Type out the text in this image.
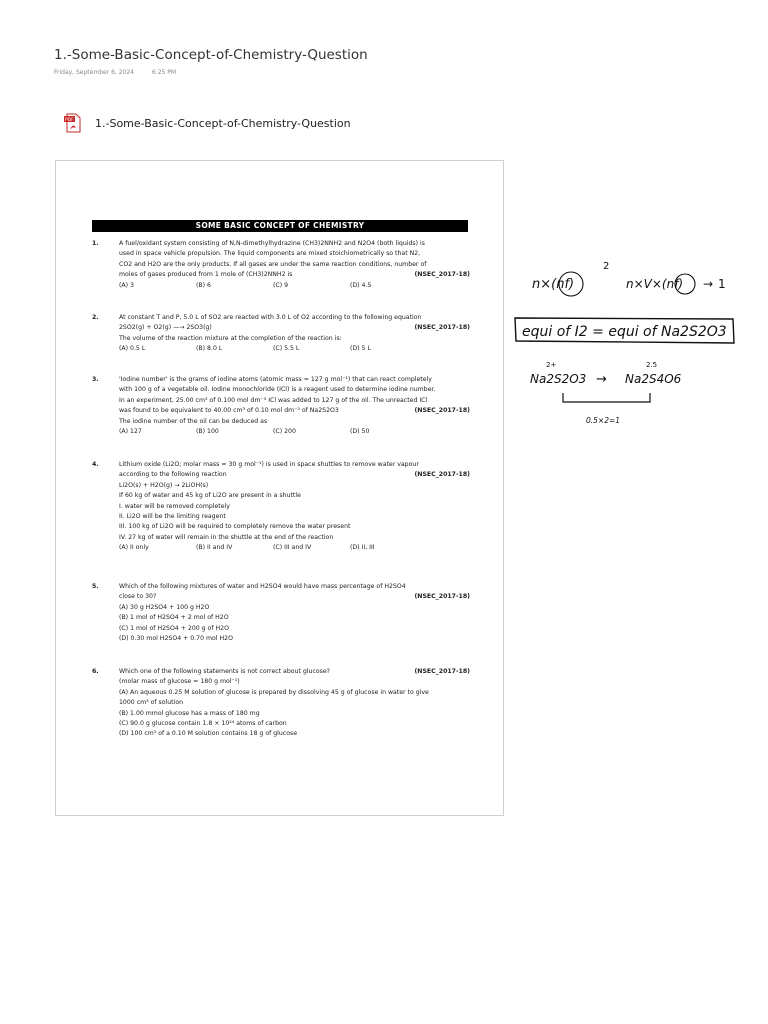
1.-Some-Basic-Concept-of-Chemistry-Question
Friday, September 6, 2024	6:25 PM
PDF 1.-Some-Basic-Concept-of-Chemistry-Question
SOME BASIC CONCEPT OF CHEMISTRY
1.	A fuel/oxidant system consisting of N,N-dimethylhydrazine (CH3)2NNH2 and N2O4 (both liquids) is
used in space vehicle propulsion. The liquid components are mixed stoichiometrically so that N2,
CO2 and H2O are the only products. If all gases are under the same reaction conditions, number of
moles of gases produced from 1 mole of (CH3)2NNH2 is	(NSEC_2017-18)
(A) 3	(B) 6	(C) 9	(D) 4.5
2.	At constant T and P, 5.0 L of SO2 are reacted with 3.0 L of O2 according to the following equation
2SO2(g) + O2(g) —→ 2SO3(g)	(NSEC_2017-18)
The volume of the reaction mixture at the completion of the reaction is:
(A) 0.5 L	(B) 8.0 L	(C) 5.5 L	(D) 5 L
3.	'Iodine number' is the grams of iodine atoms (atomic mass = 127 g mol⁻¹) that can react completely
with 100 g of a vegetable oil. Iodine monochloride (ICl) is a reagent used to determine iodine number.
In an experiment, 25.00 cm³ of 0.100 mol dm⁻³ ICl was added to 127 g of the oil. The unreacted ICl
was found to be equivalent to 40.00 cm³ of 0.10 mol dm⁻³ of Na2S2O3	(NSEC_2017-18)
The iodine number of the oil can be deduced as
(A) 127	(B) 100	(C) 200	(D) 50
4.	Lithium oxide (Li2O; molar mass = 30 g mol⁻¹) is used in space shuttles to remove water vapour
according to the following reaction	(NSEC_2017-18)
Li2O(s) + H2O(g) → 2LiOH(s)
If 60 kg of water and 45 kg of Li2O are present in a shuttle
I. water will be removed completely
II. Li2O will be the limiting reagent
III. 100 kg of Li2O will be required to completely remove the water present
IV. 27 kg of water will remain in the shuttle at the end of the reaction
(A) II only	(B) II and IV	(C) III and IV	(D) II, III
5.	Which of the following mixtures of water and H2SO4 would have mass percentage of H2SO4
close to 30?	(NSEC_2017-18)
(A) 30 g H2SO4 + 100 g H2O
(B) 1 mol of H2SO4 + 2 mol of H2O
(C) 1 mol of H2SO4 + 200 g of H2O
(D) 0.30 mol H2SO4 + 0.70 mol H2O
6.	Which one of the following statements is not correct about glucose?	(NSEC_2017-18)
(molar mass of glucose = 180 g mol⁻¹)
(A) An aqueous 0.25 M solution of glucose is prepared by dissolving 45 g of glucose in water to give
1000 cm³ of solution
(B) 1.00 mmol glucose has a mass of 180 mg
(C) 90.0 g glucose contain 1.8 × 10²⁴ atoms of carbon
(D) 100 cm³ of a 0.10 M solution contains 18 g of glucose
n×(nf)
2
n×V×(nf) → 1
equi of I2 = equi of Na2S2O3
2+	2.5
Na2S2O3 → Na2S4O6
0.5×2=1
